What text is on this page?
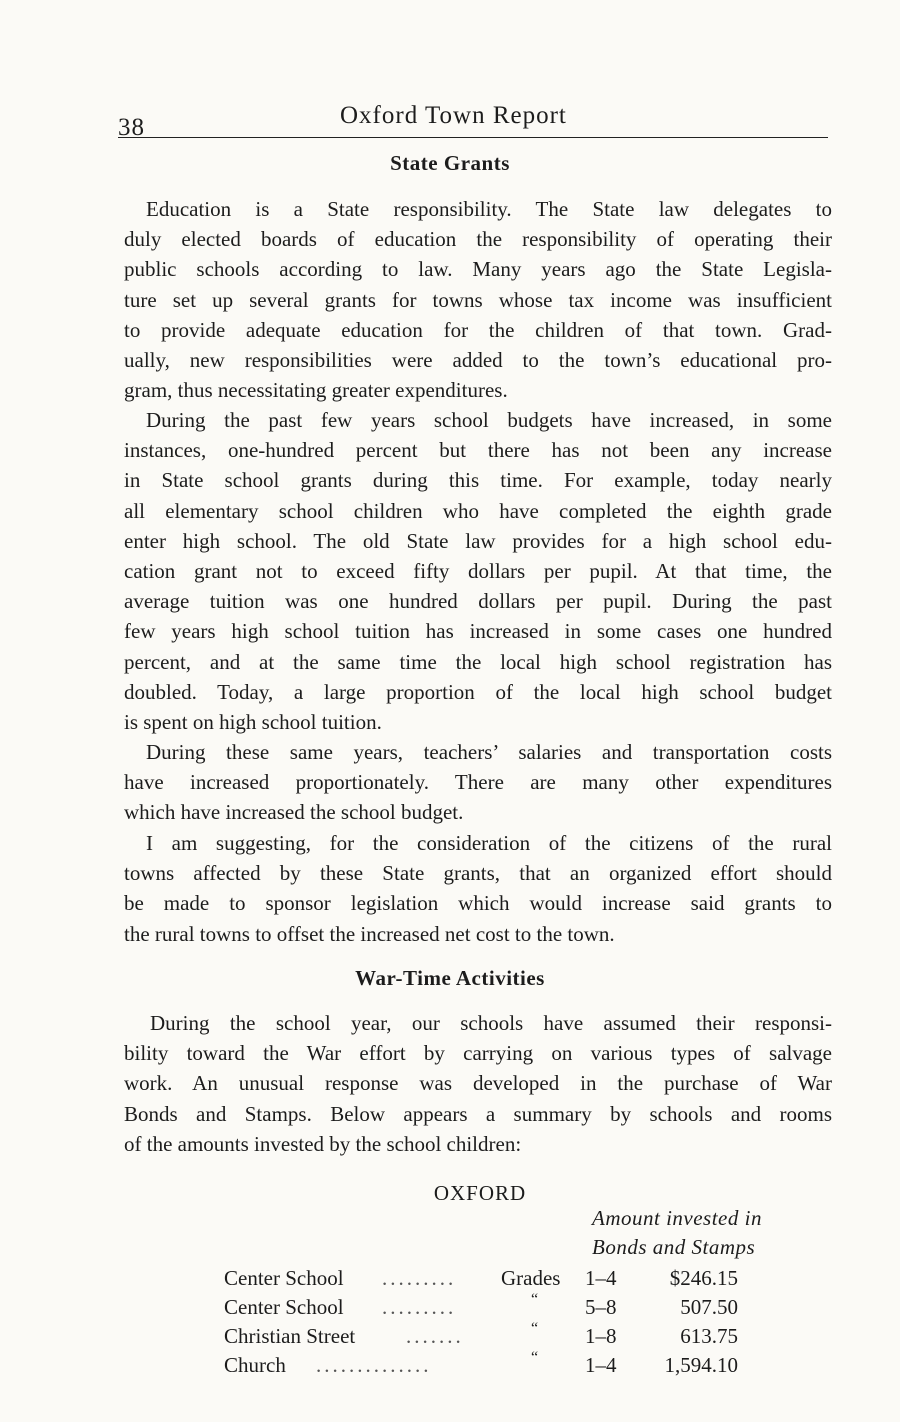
38	Oxford Town Report
State Grants
Education is a State responsibility. The State law delegates to
duly elected boards of education the responsibility of operating their
public schools according to law. Many years ago the State Legisla-
ture set up several grants for towns whose tax income was insufficient
to provide adequate education for the children of that town. Grad-
ually, new responsibilities were added to the town’s educational pro-
gram, thus necessitating greater expenditures.
During the past few years school budgets have increased, in some
instances, one-hundred percent but there has not been any increase
in State school grants during this time. For example, today nearly
all elementary school children who have completed the eighth grade
enter high school. The old State law provides for a high school edu-
cation grant not to exceed fifty dollars per pupil. At that time, the
average tuition was one hundred dollars per pupil. During the past
few years high school tuition has increased in some cases one hundred
percent, and at the same time the local high school registration has
doubled. Today, a large proportion of the local high school budget
is spent on high school tuition.
During these same years, teachers’ salaries and transportation costs
have increased proportionately. There are many other expenditures
which have increased the school budget.
I am suggesting, for the consideration of the citizens of the rural
towns affected by these State grants, that an organized effort should
be made to sponsor legislation which would increase said grants to
the rural towns to offset the increased net cost to the town.
War-Time Activities
During the school year, our schools have assumed their responsi-
bility toward the War effort by carrying on various types of salvage
work. An unusual response was developed in the purchase of War
Bonds and Stamps. Below appears a summary by schools and rooms
of the amounts invested by the school children:
OXFORD
Amount invested in
Bonds and Stamps
Center School ......... Grades 1–4	$246.15
Center School .........	“ 5–8	507.50
Christian Street .......	“ 1–8	613.75
Church ..............	“ 1–4 1,594.10
